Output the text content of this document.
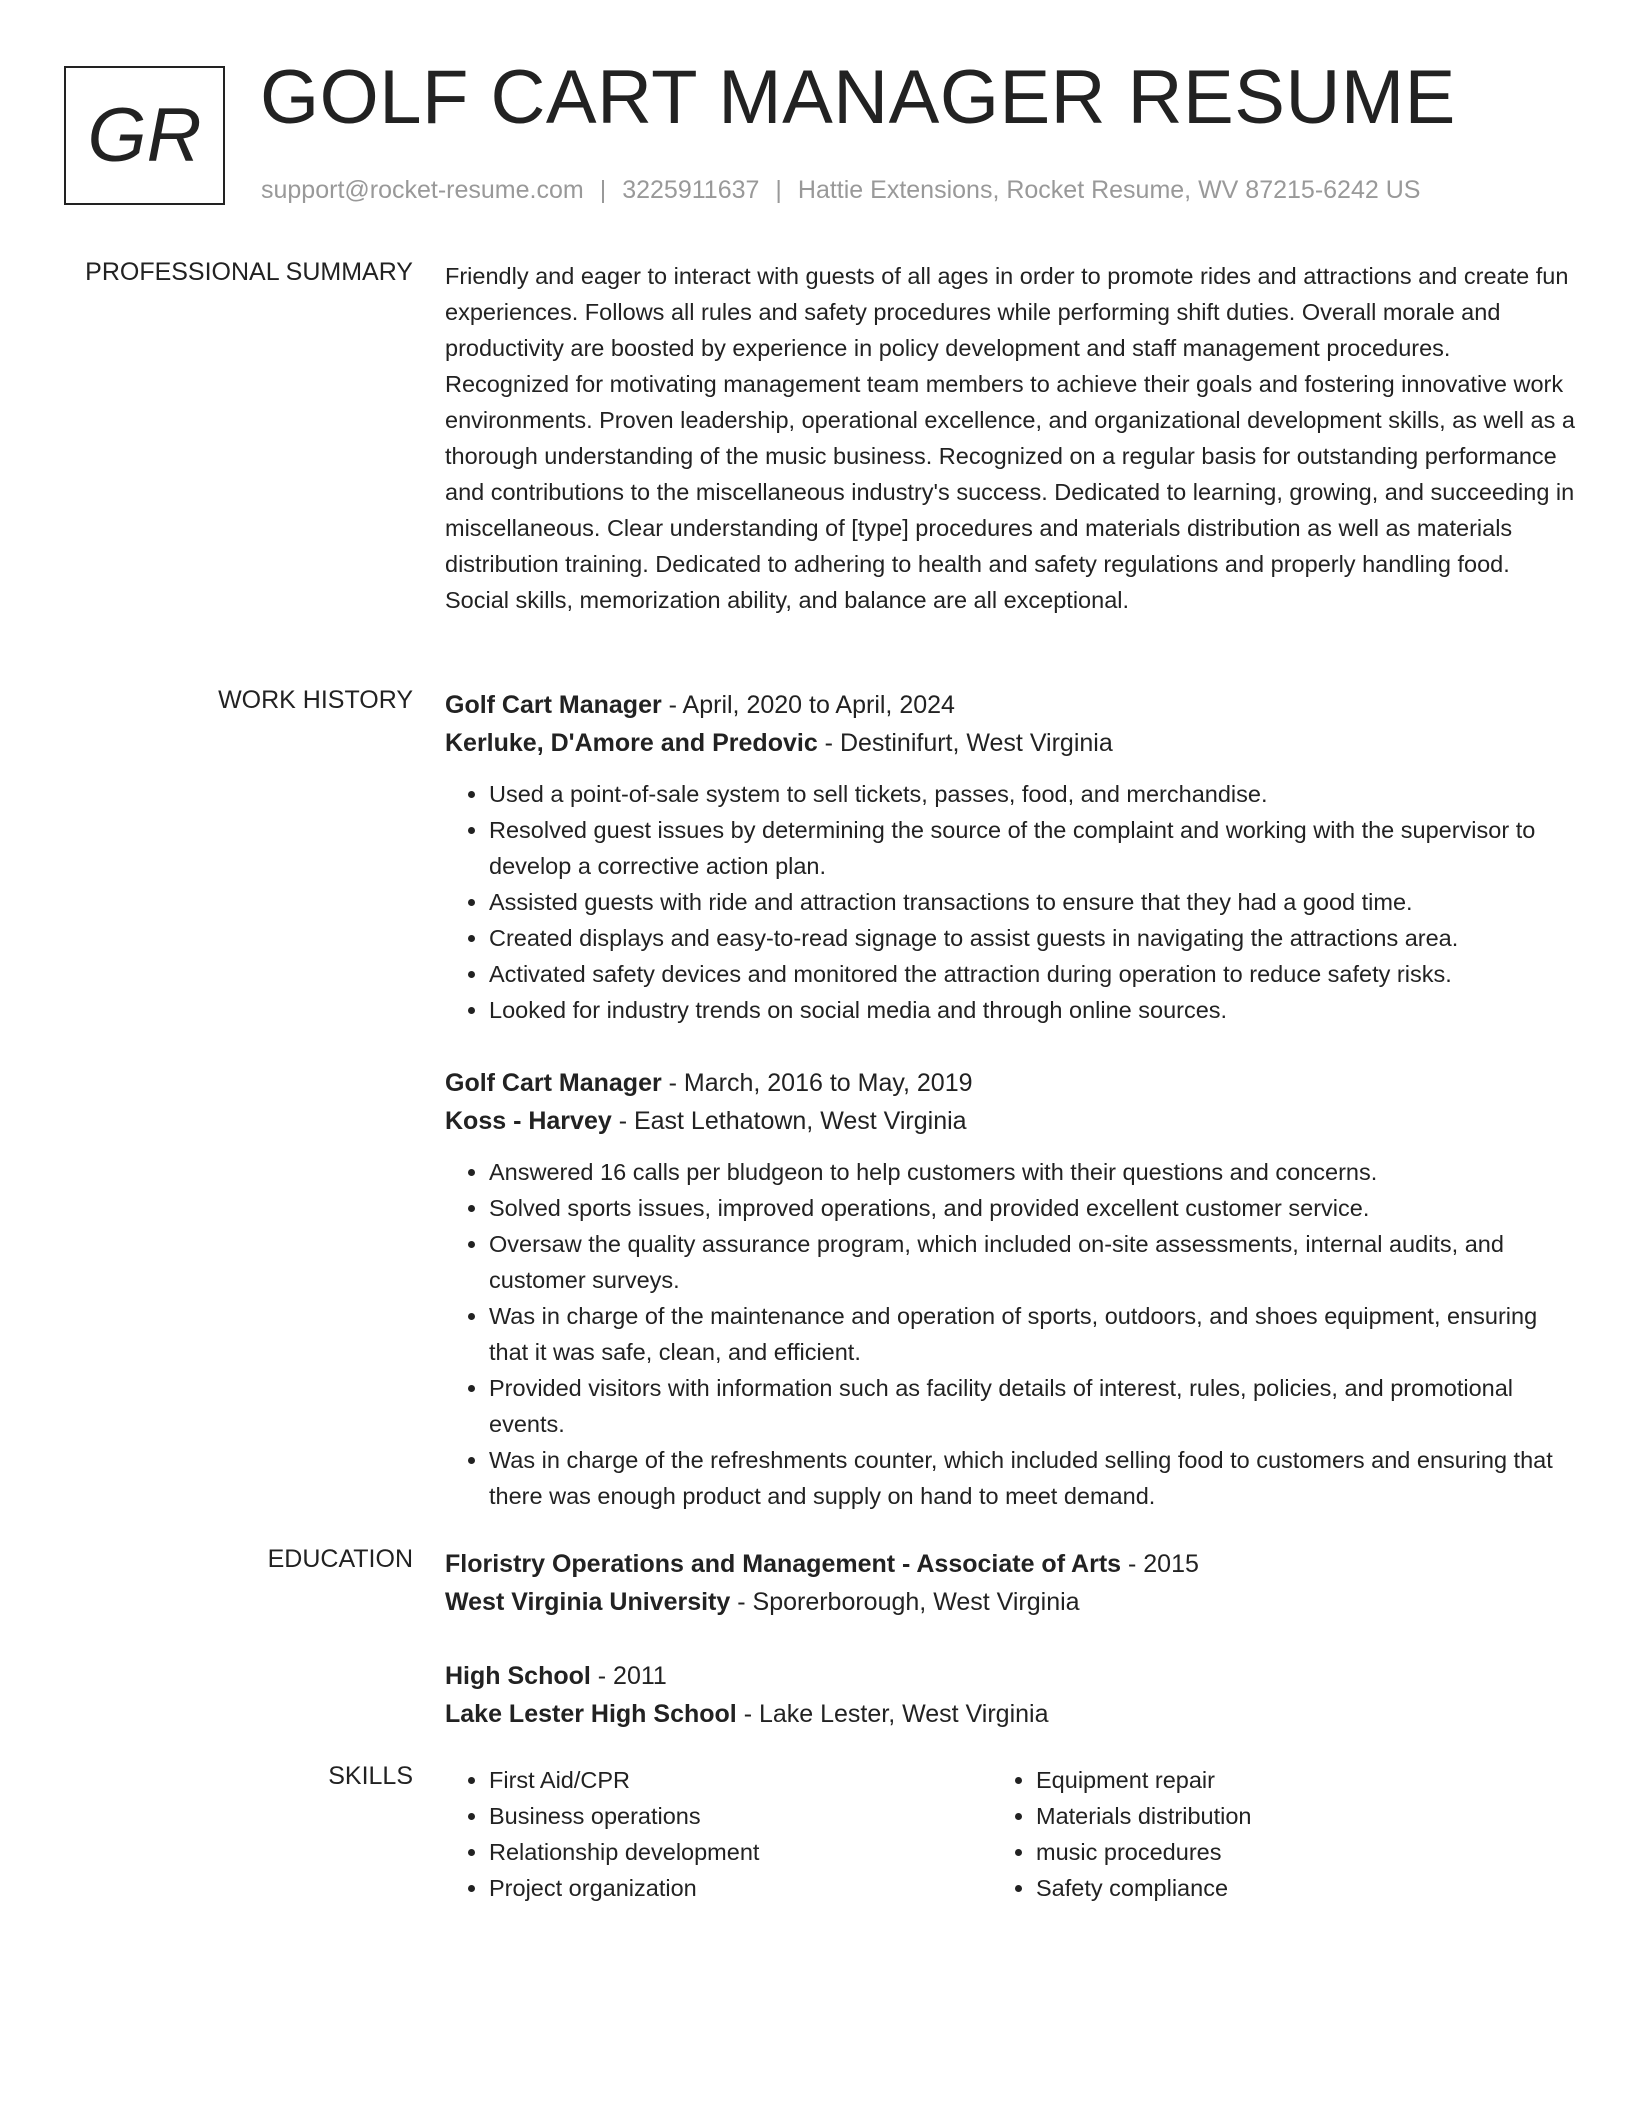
GR GOLF CART MANAGER RESUME
support@rocket-resume.com | 3225911637 | Hattie Extensions, Rocket Resume, WV 87215-6242 US
PROFESSIONAL SUMMARY Friendly and eager to interact with guests of all ages in order to promote rides and attractions and create fun experiences. Follows all rules and safety procedures while performing shift duties. Overall morale and productivity are boosted by experience in policy development and staff management procedures. Recognized for motivating management team members to achieve their goals and fostering innovative work environments. Proven leadership, operational excellence, and organizational development skills, as well as a thorough understanding of the music business. Recognized on a regular basis for outstanding performance and contributions to the miscellaneous industry's success. Dedicated to learning, growing, and succeeding in miscellaneous. Clear understanding of [type] procedures and materials distribution as well as materials distribution training. Dedicated to adhering to health and safety regulations and properly handling food. Social skills, memorization ability, and balance are all exceptional.

WORK HISTORY Golf Cart Manager - April, 2020 to April, 2024
Kerluke, D'Amore and Predovic - Destinifurt, West Virginia
• Used a point-of-sale system to sell tickets, passes, food, and merchandise.
• Resolved guest issues by determining the source of the complaint and working with the supervisor to develop a corrective action plan.
• Assisted guests with ride and attraction transactions to ensure that they had a good time.
• Created displays and easy-to-read signage to assist guests in navigating the attractions area.
• Activated safety devices and monitored the attraction during operation to reduce safety risks.
• Looked for industry trends on social media and through online sources.
Golf Cart Manager - March, 2016 to May, 2019
Koss - Harvey - East Lethatown, West Virginia
• Answered 16 calls per bludgeon to help customers with their questions and concerns.
• Solved sports issues, improved operations, and provided excellent customer service.
• Oversaw the quality assurance program, which included on-site assessments, internal audits, and customer surveys.
• Was in charge of the maintenance and operation of sports, outdoors, and shoes equipment, ensuring that it was safe, clean, and efficient.
• Provided visitors with information such as facility details of interest, rules, policies, and promotional events.
• Was in charge of the refreshments counter, which included selling food to customers and ensuring that there was enough product and supply on hand to meet demand.
EDUCATION Floristry Operations and Management - Associate of Arts - 2015
West Virginia University - Sporerborough, West Virginia
High School - 2011
Lake Lester High School - Lake Lester, West Virginia
SKILLS
•	First Aid/CPR
• Business operations
• Relationship development
• Project organization
• Equipment repair
• Materials distribution
• music procedures
• Safety compliance
